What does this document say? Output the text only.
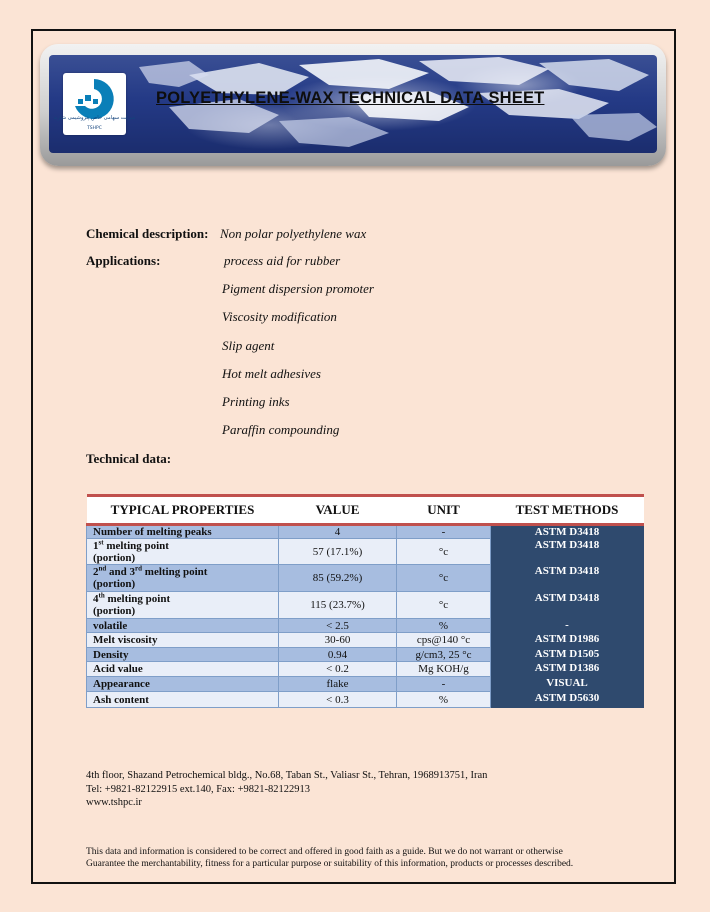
شرکت سهامی خاص پتروشیمی شازند
TSHPC
POLYETHYLENE-WAX TECHNICAL DATA SHEET
Chemical description: Non polar polyethylene wax
Applications:	process aid for rubber
Pigment dispersion promoter
Viscosity modification
Slip agent
Hot melt adhesives
Printing inks
Paraffin compounding
Technical data:
TYPICAL PROPERTIES	VALUE	UNIT	TEST METHODS
Number of melting peaks	4	-	ASTM D3418
1st melting point
(portion)	57 (17.1%)	°c	ASTM D3418
2nd and 3rd melting point
(portion)	85 (59.2%)	°c	ASTM D3418
4th melting point
(portion)	115 (23.7%)	°c	ASTM D3418
volatile	< 2.5	%	-
Melt viscosity	30-60	cps@140 °c	ASTM D1986
Density	0.94	g/cm3, 25 °c	ASTM D1505
Acid value	< 0.2	Mg KOH/g	ASTM D1386
Appearance	flake	-	VISUAL
Ash content	< 0.3	%	ASTM D5630
4th floor, Shazand Petrochemical bldg., No.68, Taban St., Valiasr St., Tehran, 1968913751, Iran
Tel: +9821-82122915 ext.140, Fax: +9821-82122913
www.tshpc.ir
This data and information is considered to be correct and offered in good faith as a guide. But we do not warrant or otherwise
Guarantee the merchantability, fitness for a particular purpose or suitability of this information, products or processes described.
